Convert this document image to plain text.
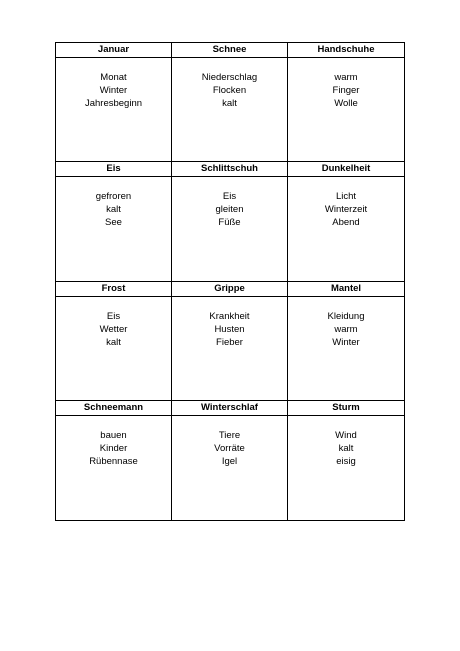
Januar
Monat
Winter
Jahresbeginn
Schnee
Niederschlag
Flocken
kalt
Handschuhe
warm
Finger
Wolle
Eis
gefroren
kalt
See
Schlittschuh
Eis
gleiten
Füße
Dunkelheit
Licht
Winterzeit
Abend
Frost
Eis
Wetter
kalt
Grippe
Krankheit
Husten
Fieber
Mantel
Kleidung
warm
Winter
Schneemann
bauen
Kinder
Rübennase
Winterschlaf
Tiere
Vorräte
Igel
Sturm
Wind
kalt
eisig
